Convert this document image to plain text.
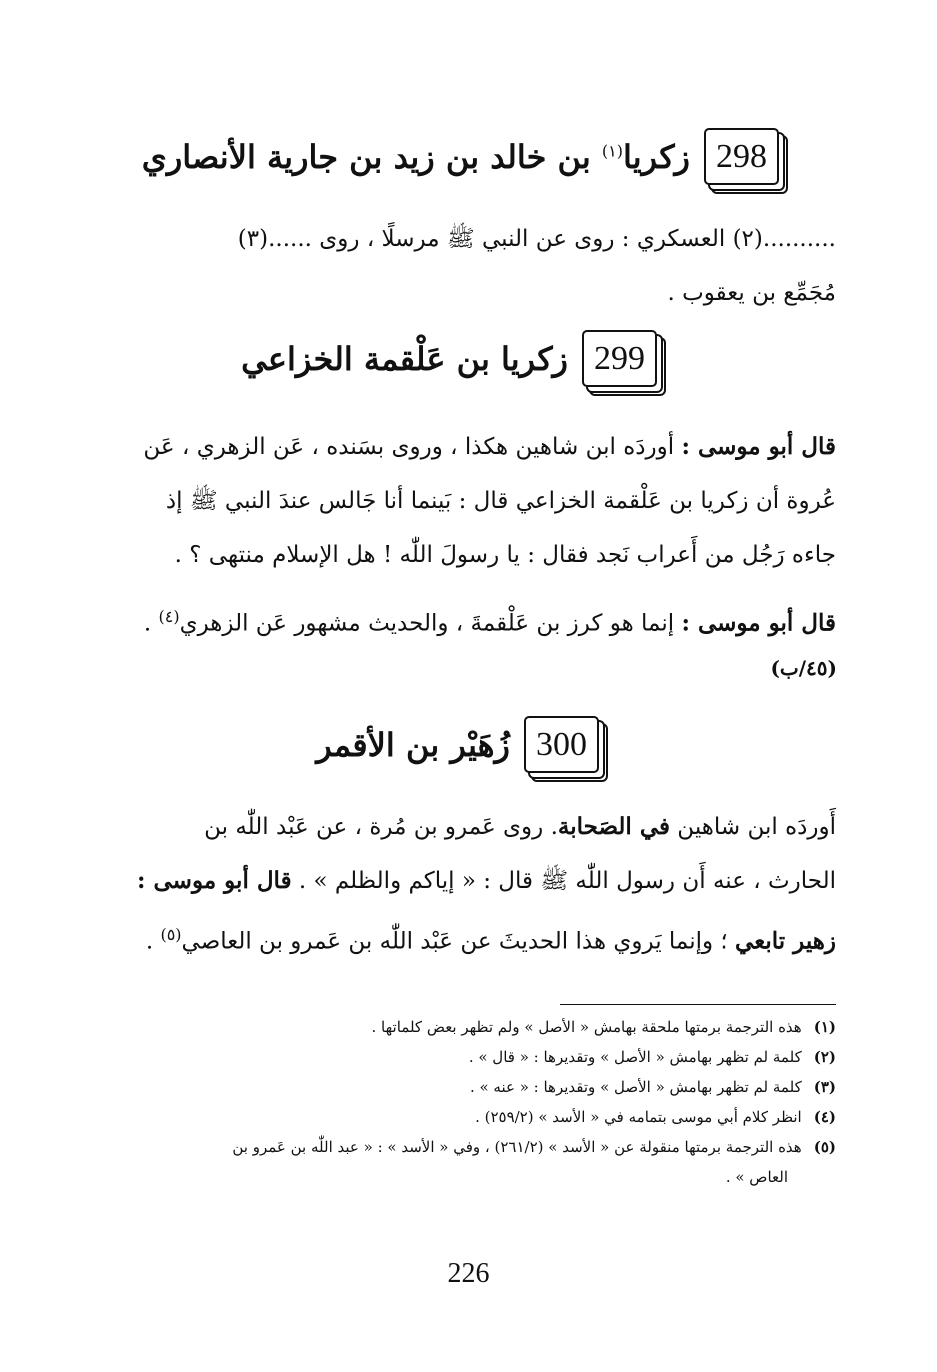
298
زكريا$^{(١)}$ بن خالد بن زيد بن جارية الأنصاري
..........(٢) العسكري : روى عن النبي ﷺ مرسلًا ، روى ......(٣)
مُجَمِّع بن يعقوب .
299
زكريا بن عَلْقمة الخزاعي
قال أبو موسى : أوردَه ابن شاهين هكذا ، وروى بسَنده ، عَن الزهري ، عَن
عُروة أن زكريا بن عَلْقمة الخزاعي قال : بَينما أنا جَالس عندَ النبي ﷺ إذ
جاءه رَجُل من أَعراب نَجد فقال : يا رسولَ اللّٰه ! هل الإسلام منتهى ؟ .
قال أبو موسى : إنما هو كرز بن عَلْقمةَ ، والحديث مشهور عَن الزهري$^{(٤)}$ .
(٤٥/ب)
300
زُهَيْر بن الأقمر
أَوردَه ابن شاهين في الصَحابة. روى عَمرو بن مُرة ، عن عَبْد اللّٰه بن
الحارث ، عنه أَن رسول اللّٰه ﷺ قال : « إياكم والظلم » . قال أبو موسى :
زهير تابعي ؛ وإنما يَروي هذا الحديثَ عن عَبْد اللّٰه بن عَمرو بن العاصي$^{(٥)}$ .
(١)هذه الترجمة برمتها ملحقة بهامش « الأصل » ولم تظهر بعض كلماتها .
(٢)كلمة لم تظهر بهامش « الأصل » وتقديرها : « قال » .
(٣)كلمة لم تظهر بهامش « الأصل » وتقديرها : « عنه » .
(٤)انظر كلام أبي موسى بتمامه في « الأسد » (٢٥٩/٢) .
(٥)هذه الترجمة برمتها منقولة عن « الأسد » (٢٦١/٢) ، وفي « الأسد » : « عبد اللّٰه بن عَمرو بن
العاص » .
226
